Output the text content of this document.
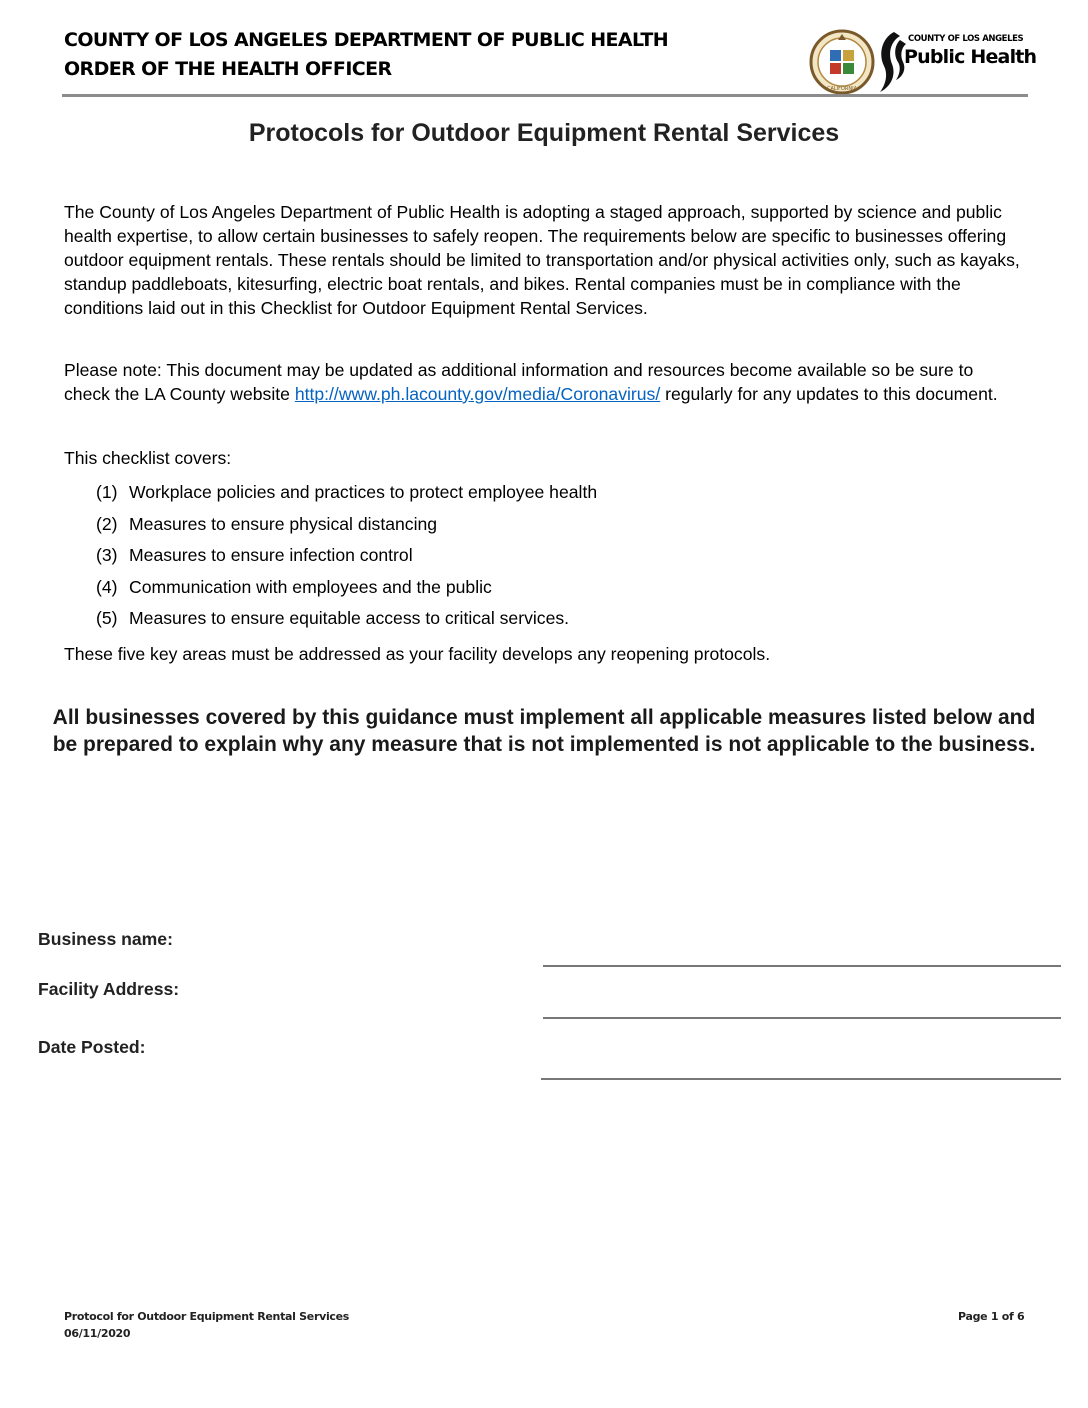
COUNTY OF LOS ANGELES DEPARTMENT OF PUBLIC HEALTH
ORDER OF THE HEALTH OFFICER
CALIFORNIA
COUNTY OF LOS ANGELES
Public Health
Protocols for Outdoor Equipment Rental Services

The County of Los Angeles Department of Public Health is adopting a staged approach, supported by science and public health expertise, to allow certain businesses to safely reopen. The requirements below are specific to businesses offering outdoor equipment rentals. These rentals should be limited to transportation and/or physical activities only, such as kayaks, standup paddleboats, kitesurfing, electric boat rentals, and bikes. Rental companies must be in compliance with the conditions laid out in this Checklist for Outdoor Equipment Rental Services.

Please note: This document may be updated as additional information and resources become available so be sure to check the LA County website http://www.ph.lacounty.gov/media/Coronavirus/ regularly for any updates to this document.

This checklist covers:

(1) Workplace policies and practices to protect employee health
(2) Measures to ensure physical distancing
(3) Measures to ensure infection control
(4) Communication with employees and the public
(5) Measures to ensure equitable access to critical services.

These five key areas must be addressed as your facility develops any reopening protocols.

All businesses covered by this guidance must implement all applicable measures listed below and be prepared to explain why any measure that is not implemented is not applicable to the business.
Business name:
Facility Address:
Date Posted:
Protocol for Outdoor Equipment Rental Services
06/11/2020
Page 1 of 6
